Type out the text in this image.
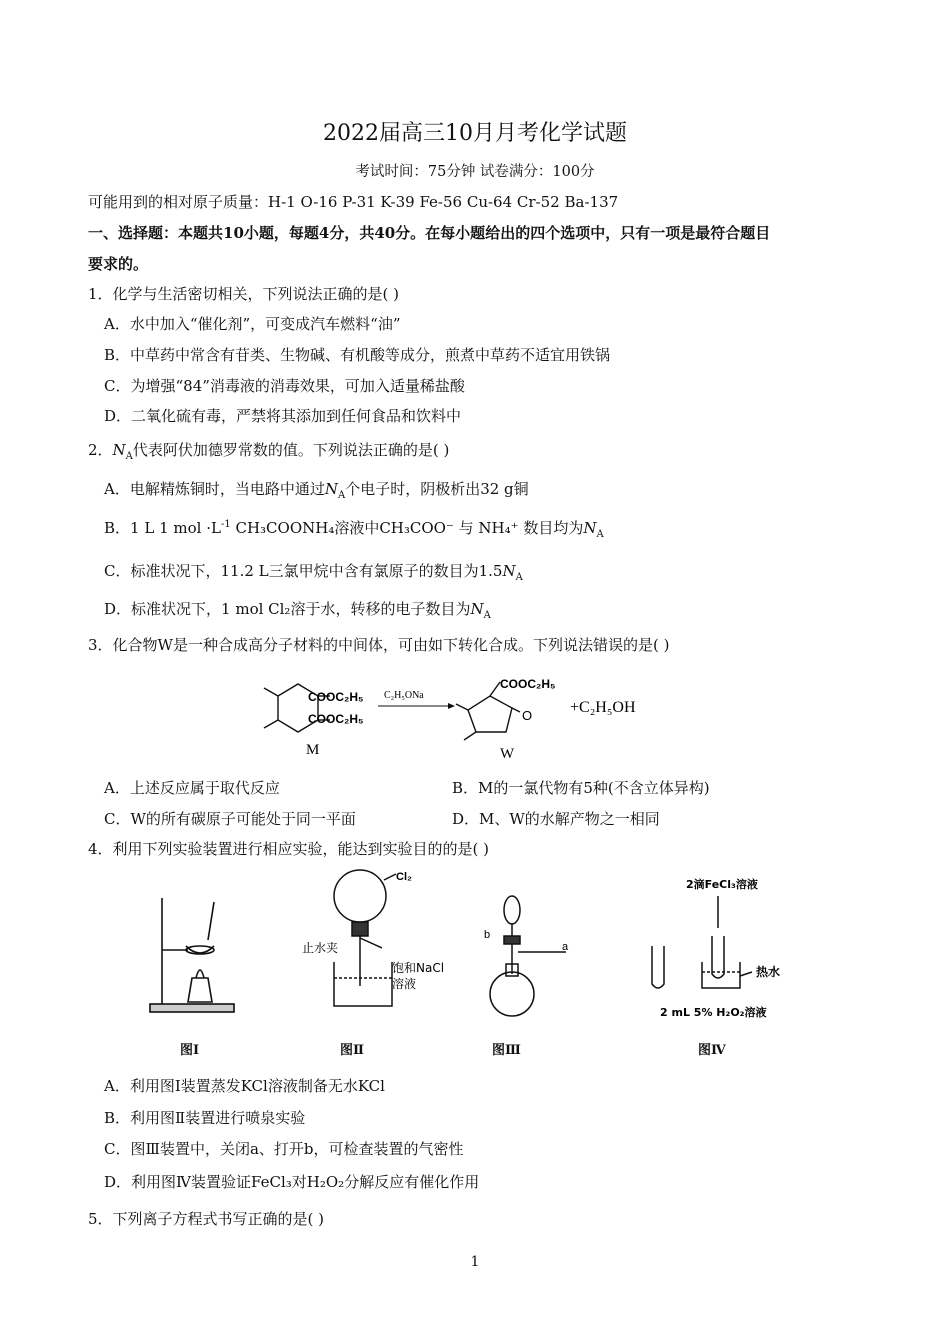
2022届高三10月月考化学试题
考试时间：75分钟 试卷满分：100分
可能用到的相对原子质量：H-1 O-16 P-31 K-39 Fe-56 Cu-64 Cr-52 Ba-137
一、选择题：本题共10小题，每题4分，共40分。在每小题给出的四个选项中，只有一项是最符合题目
要求的。
1．化学与生活密切相关，下列说法正确的是( )
A．水中加入“催化剂”，可变成汽车燃料“油”
B．中草药中常含有苷类、生物碱、有机酸等成分，煎煮中草药不适宜用铁锅
C．为增强“84”消毒液的消毒效果，可加入适量稀盐酸
D．二氧化硫有毒，严禁将其添加到任何食品和饮料中
2．$N_A$代表阿伏加德罗常数的值。下列说法正确的是( )
A．电解精炼铜时，当电路中通过$N_A$个电子时，阴极析出32 g铜
B．1 L 1 mol $\cdot L^{-1}$ CH₃COONH₄溶液中CH₃COO⁻ 与 NH₄⁺ 数目均为$N_A$
C．标准状况下，11.2 L三氯甲烷中含有氯原子的数目为$1.5N_A$
D．标准状况下，1 mol Cl₂溶于水，转移的电子数目为$N_A$
3．化合物W是一种合成高分子材料的中间体，可由如下转化合成。下列说法错误的是( )
COOC₂H₅
COOC₂H₅
M
C₂H₅ONa
COOC₂H₅
O
W
+C₂H₅OH
A．上述反应属于取代反应	B．M的一氯代物有5种(不含立体异构)
C．W的所有碳原子可能处于同一平面	D．M、W的水解产物之一相同
4．利用下列实验装置进行相应实验，能达到实验目的的是( )
图Ⅰ
Cl₂
止水夹
饱和NaCl
溶液
图Ⅱ
b
a
图Ⅲ
2滴FeCl₃溶液
热水
2 mL 5% H₂O₂溶液
图Ⅳ
A．利用图Ⅰ装置蒸发KCl溶液制备无水KCl
B．利用图Ⅱ装置进行喷泉实验
C．图Ⅲ装置中，关闭a、打开b，可检查装置的气密性
D．利用图Ⅳ装置验证FeCl₃对H₂O₂分解反应有催化作用
5．下列离子方程式书写正确的是( )
1
